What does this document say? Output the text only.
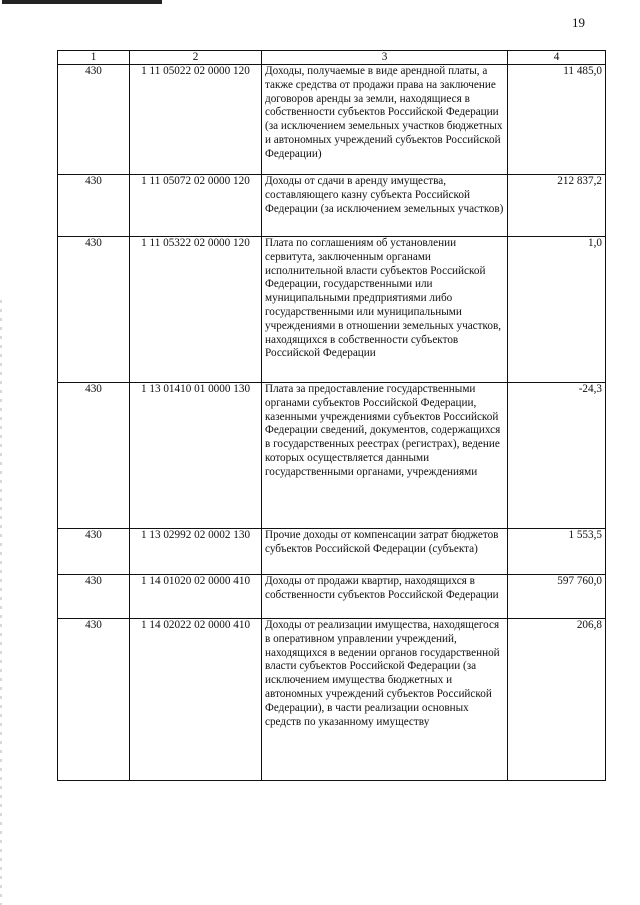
19
1	2	3	4
430	1 11 05022 02 0000 120	Доходы, получаемые в виде арендной платы, а также средства от продажи права на заключение договоров аренды за земли, находящиеся в собственности субъектов Российской Федерации (за исключением земельных участков бюджетных и автономных учреждений субъектов Российской Федерации)	11 485,0
430	1 11 05072 02 0000 120	Доходы от сдачи в аренду имущества, составляющего казну субъекта Российской Федерации (за исключением земельных участков)	212 837,2
430	1 11 05322 02 0000 120	Плата по соглашениям об установлении сервитута, заключенным органами исполнительной власти субъектов Российской Федерации, государственными или муниципальными предприятиями либо государственными или муниципальными учреждениями в отношении земельных участков, находящихся в собственности субъектов Российской Федерации	1,0
430	1 13 01410 01 0000 130	Плата за предоставление государственными органами субъектов Российской Федерации, казенными учреждениями субъектов Российской Федерации сведений, документов, содержащихся в государственных реестрах (регистрах), ведение которых осуществляется данными государственными органами, учреждениями	-24,3
430	1 13 02992 02 0002 130	Прочие доходы от компенсации затрат бюджетов субъектов Российской Федерации (субъекта)	1 553,5
430	1 14 01020 02 0000 410	Доходы от продажи квартир, находящихся в собственности субъектов Российской Федерации	597 760,0
430	1 14 02022 02 0000 410	Доходы от реализации имущества, находящегося в оперативном управлении учреждений, находящихся в ведении органов государственной власти субъектов Российской Федерации (за исключением имущества бюджетных и автономных учреждений субъектов Российской Федерации), в части реализации основных средств по указанному имуществу	206,8
